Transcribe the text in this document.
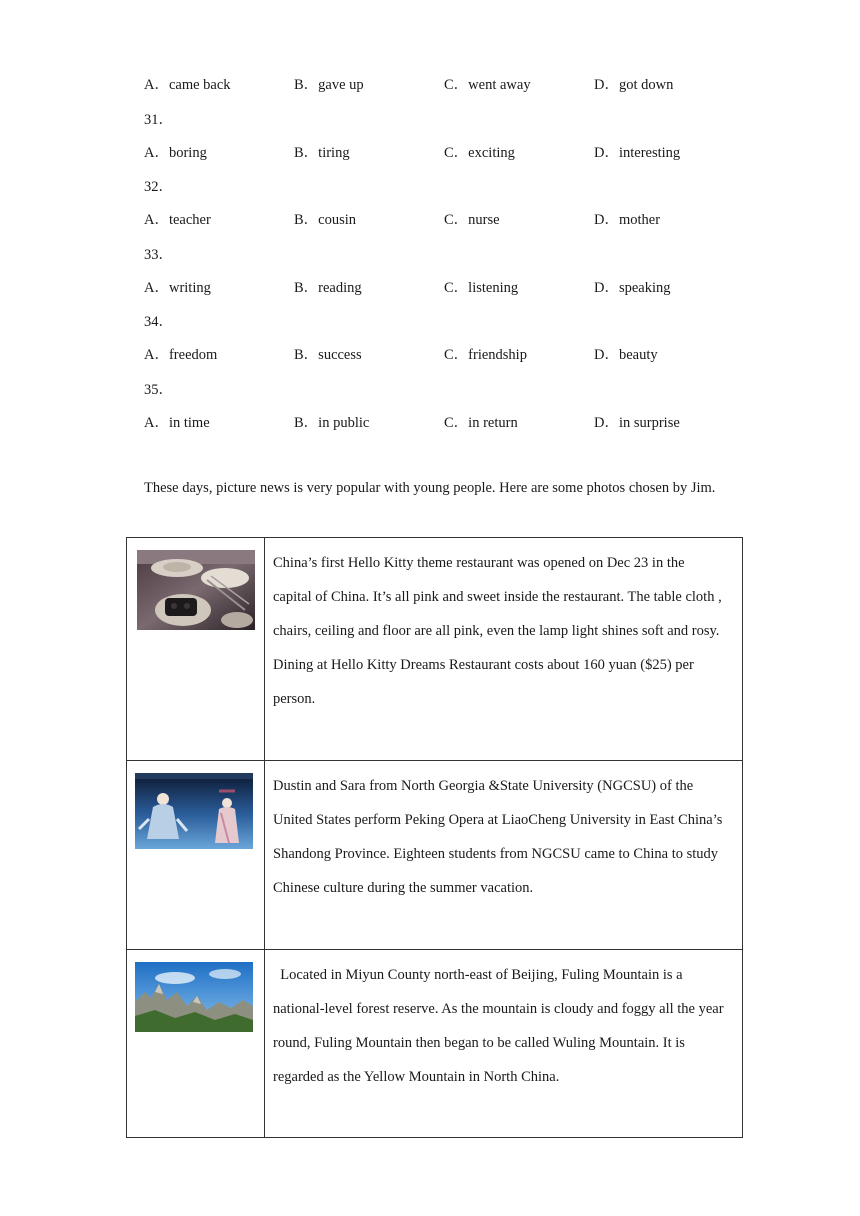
A．came back	B．gave up	C．went away	D．got down
31．
A．boring	B．tiring	C．exciting	D．interesting
32．
A．teacher	B．cousin	C．nurse	D．mother
33．
A．writing	B．reading	C．listening	D．speaking
34．
A．freedom	B．success	C．friendship	D．beauty
35．
A．in time	B．in public	C．in return	D．in surprise
These days, picture news is very popular with young people. Here are some photos chosen by Jim.
	China’s first Hello Kitty theme restaurant was opened on Dec 23 in the capital of China. It’s all pink and sweet inside the restaurant. The table cloth , chairs, ceiling and floor are all pink, even the lamp light shines soft and rosy. Dining at Hello Kitty Dreams Restaurant costs about 160 yuan ($25) per person.

	Dustin and Sara from North Georgia &State University (NGCSU) of the United States perform Peking Opera at LiaoCheng University in East China’s Shandong Province. Eighteen students from NGCSU came to China to study Chinese culture during the summer vacation.

	Located in Miyun County north-east of Beijing, Fuling Mountain is a national-level forest reserve. As the mountain is cloudy and foggy all the year round, Fuling Mountain then began to be called Wuling Mountain. It is regarded as the Yellow Mountain in North China.
